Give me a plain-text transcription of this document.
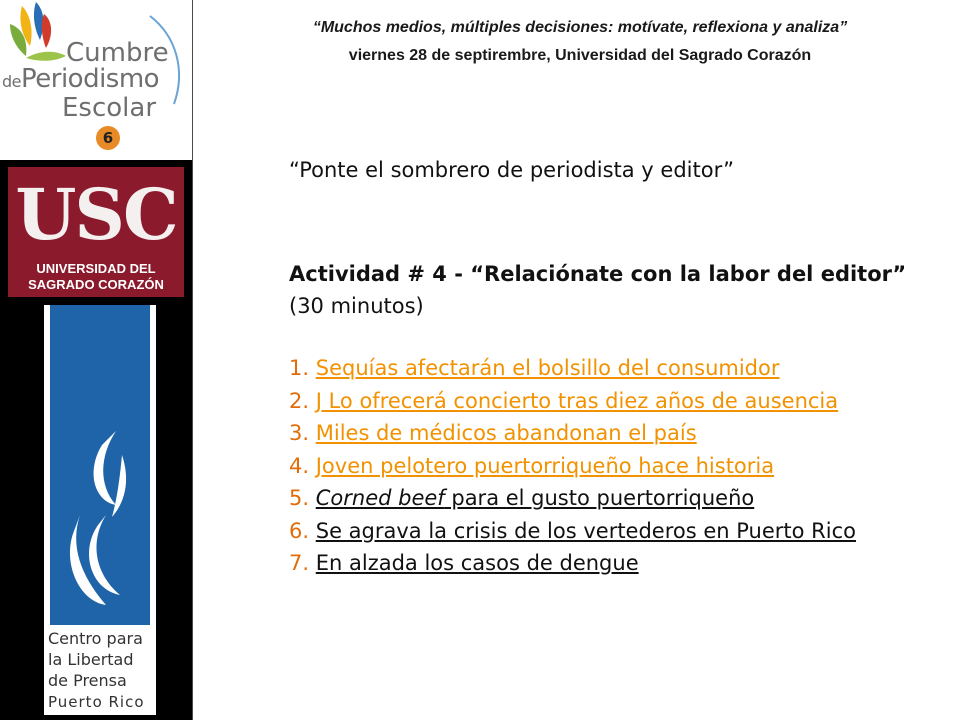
Cumbre
dePeriodismo
Escolar
6
USC
UNIVERSIDAD DEL
SAGRADO CORAZÓN
Centro para
la Libertad
de Prensa
Puerto Rico
“Muchos medios, múltiples decisiones: motívate, reflexiona y analiza”
viernes 28 de septirembre, Universidad del Sagrado Corazón
“Ponte el sombrero de periodista y editor”
Actividad # 4 - “Relaciónate con la labor del editor” (30 minutos)
1. Sequías afectarán el bolsillo del consumidor
2. J Lo ofrecerá concierto tras diez años de ausencia
3. Miles de médicos abandonan el país
4. Joven pelotero puertorriqueño hace historia
5. Corned beef para el gusto puertorriqueño
6. Se agrava la crisis de los vertederos en Puerto Rico
7. En alzada los casos de dengue
